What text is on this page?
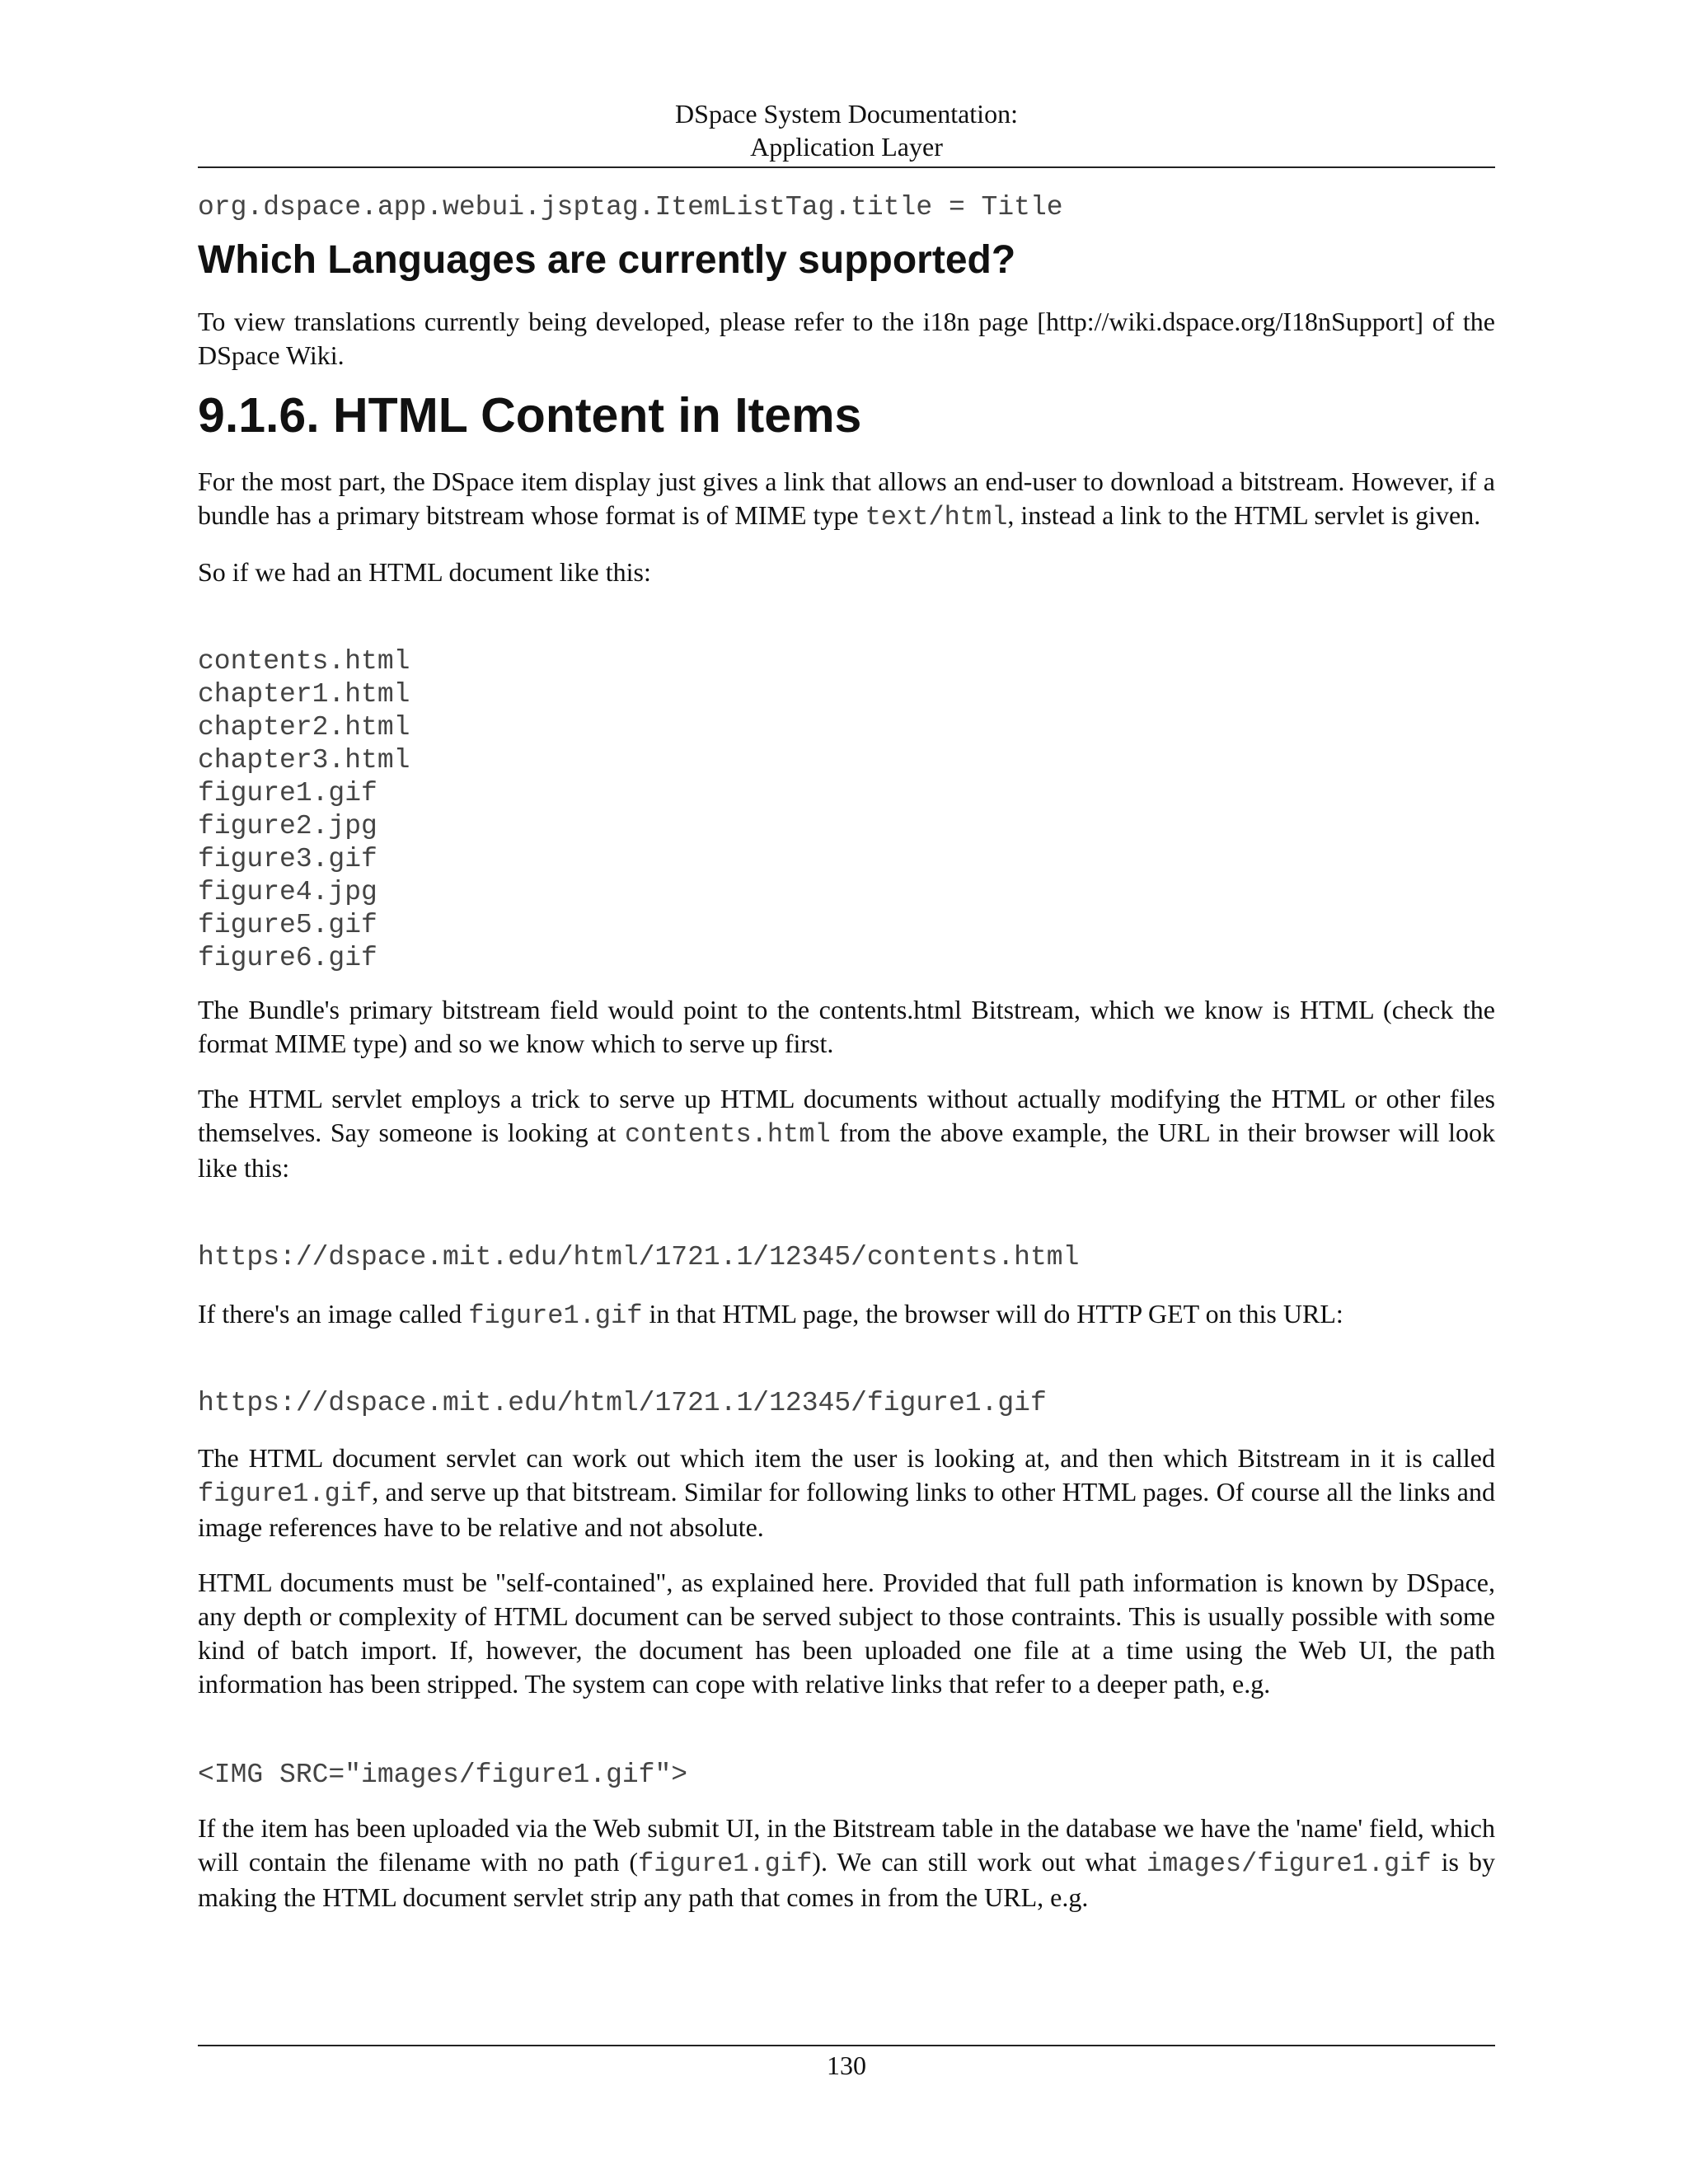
DSpace System Documentation:
Application Layer
org.dspace.app.webui.jsptag.ItemListTag.title = Title
Which Languages are currently supported?

To view translations currently being developed, please refer to the i18n page [http://wiki.dspace.org/I18nSupport] of the DSpace Wiki.

9.1.6. HTML Content in Items

For the most part, the DSpace item display just gives a link that allows an end-user to download a bitstream. However, if a bundle has a primary bitstream whose format is of MIME type text/html, instead a link to the HTML servlet is given.

So if we had an HTML document like this:

contents.html
chapter1.html
chapter2.html
chapter3.html
figure1.gif
figure2.jpg
figure3.gif
figure4.jpg
figure5.gif
figure6.gif

The Bundle's primary bitstream field would point to the contents.html Bitstream, which we know is HTML (check the format MIME type) and so we know which to serve up first.

The HTML servlet employs a trick to serve up HTML documents without actually modifying the HTML or other files themselves. Say someone is looking at contents.html from the above example, the URL in their browser will look like this:

https://dspace.mit.edu/html/1721.1/12345/contents.html

If there's an image called figure1.gif in that HTML page, the browser will do HTTP GET on this URL:

https://dspace.mit.edu/html/1721.1/12345/figure1.gif

The HTML document servlet can work out which item the user is looking at, and then which Bitstream in it is called figure1.gif, and serve up that bitstream. Similar for following links to other HTML pages. Of course all the links and image references have to be relative and not absolute.

HTML documents must be "self-contained", as explained here. Provided that full path information is known by DSpace, any depth or complexity of HTML document can be served subject to those contraints. This is usually possible with some kind of batch import. If, however, the document has been uploaded one file at a time using the Web UI, the path information has been stripped. The system can cope with relative links that refer to a deeper path, e.g.

<IMG SRC="images/figure1.gif">

If the item has been uploaded via the Web submit UI, in the Bitstream table in the database we have the 'name' field, which will contain the filename with no path (figure1.gif). We can still work out what images/figure1.gif is by making the HTML document servlet strip any path that comes in from the URL, e.g.

130
